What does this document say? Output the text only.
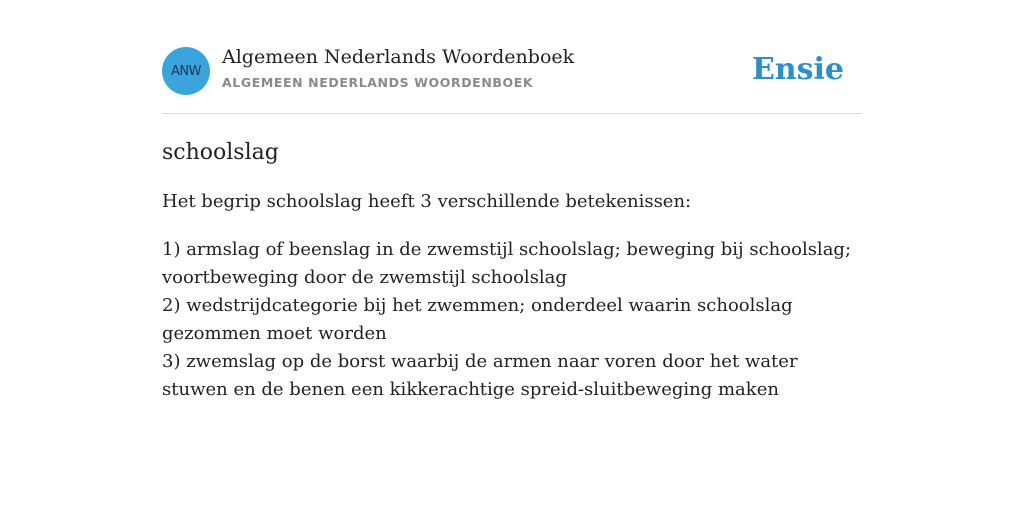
ANW
Algemeen Nederlands Woordenboek
ALGEMEEN NEDERLANDS WOORDENBOEK	Ensie
schoolslag

Het begrip schoolslag heeft 3 verschillende betekenissen:

1) armslag of beenslag in de zwemstijl schoolslag; beweging bij schoolslag; voortbeweging door de zwemstijl schoolslag
2) wedstrijdcategorie bij het zwemmen; onderdeel waarin schoolslag gezommen moet worden
3) zwemslag op de borst waarbij de armen naar voren door het water stuwen en de benen een kikkerachtige spreid-sluitbeweging maken
